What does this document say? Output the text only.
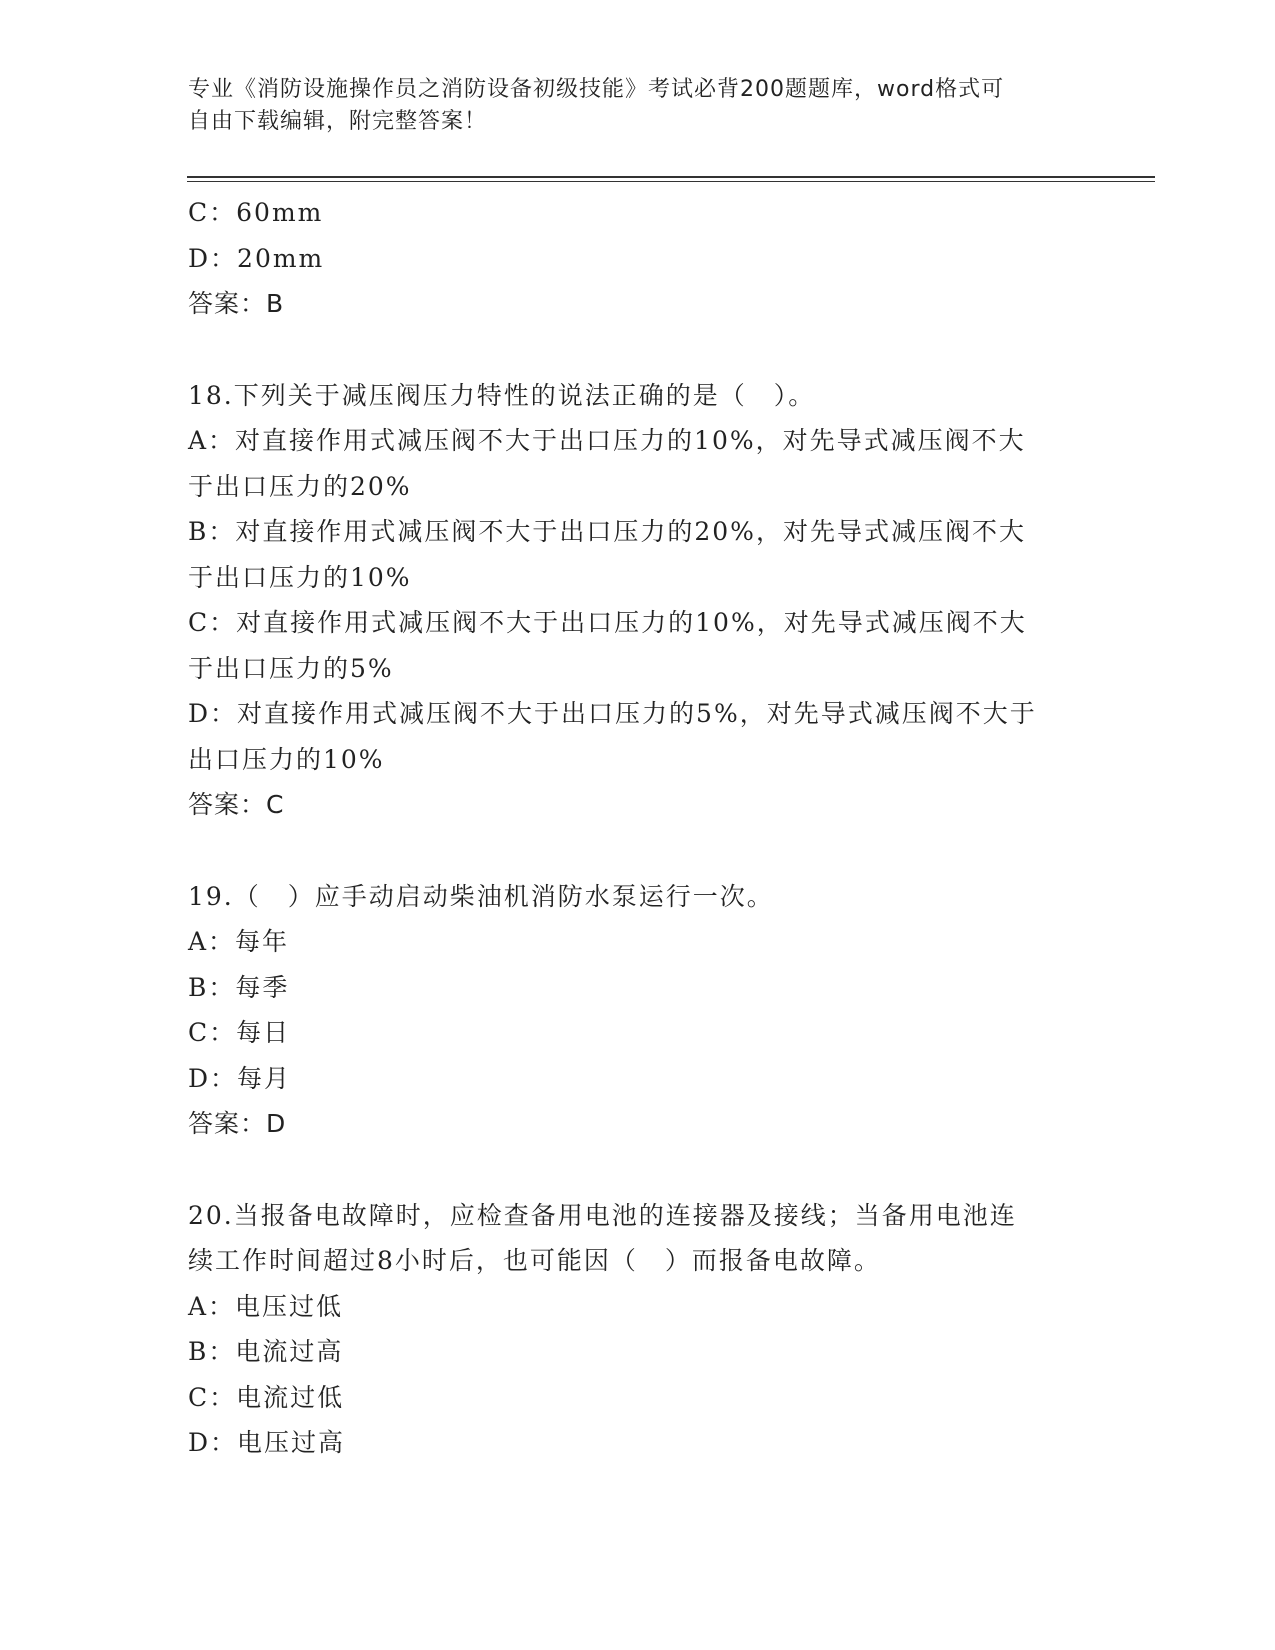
专业《消防设施操作员之消防设备初级技能》考试必背200题题库，word格式可
自由下载编辑，附完整答案！
C：60mm
D：20mm
答案：B
18.下列关于减压阀压力特性的说法正确的是（　）。
A：对直接作用式减压阀不大于出口压力的10%，对先导式减压阀不大
于出口压力的20%
B：对直接作用式减压阀不大于出口压力的20%，对先导式减压阀不大
于出口压力的10%
C：对直接作用式减压阀不大于出口压力的10%，对先导式减压阀不大
于出口压力的5%
D：对直接作用式减压阀不大于出口压力的5%，对先导式减压阀不大于
出口压力的10%
答案：C
19.（　）应手动启动柴油机消防水泵运行一次。
A：每年
B：每季
C：每日
D：每月
答案：D
20.当报备电故障时，应检查备用电池的连接器及接线；当备用电池连
续工作时间超过8小时后，也可能因（　）而报备电故障。
A：电压过低
B：电流过高
C：电流过低
D：电压过高
